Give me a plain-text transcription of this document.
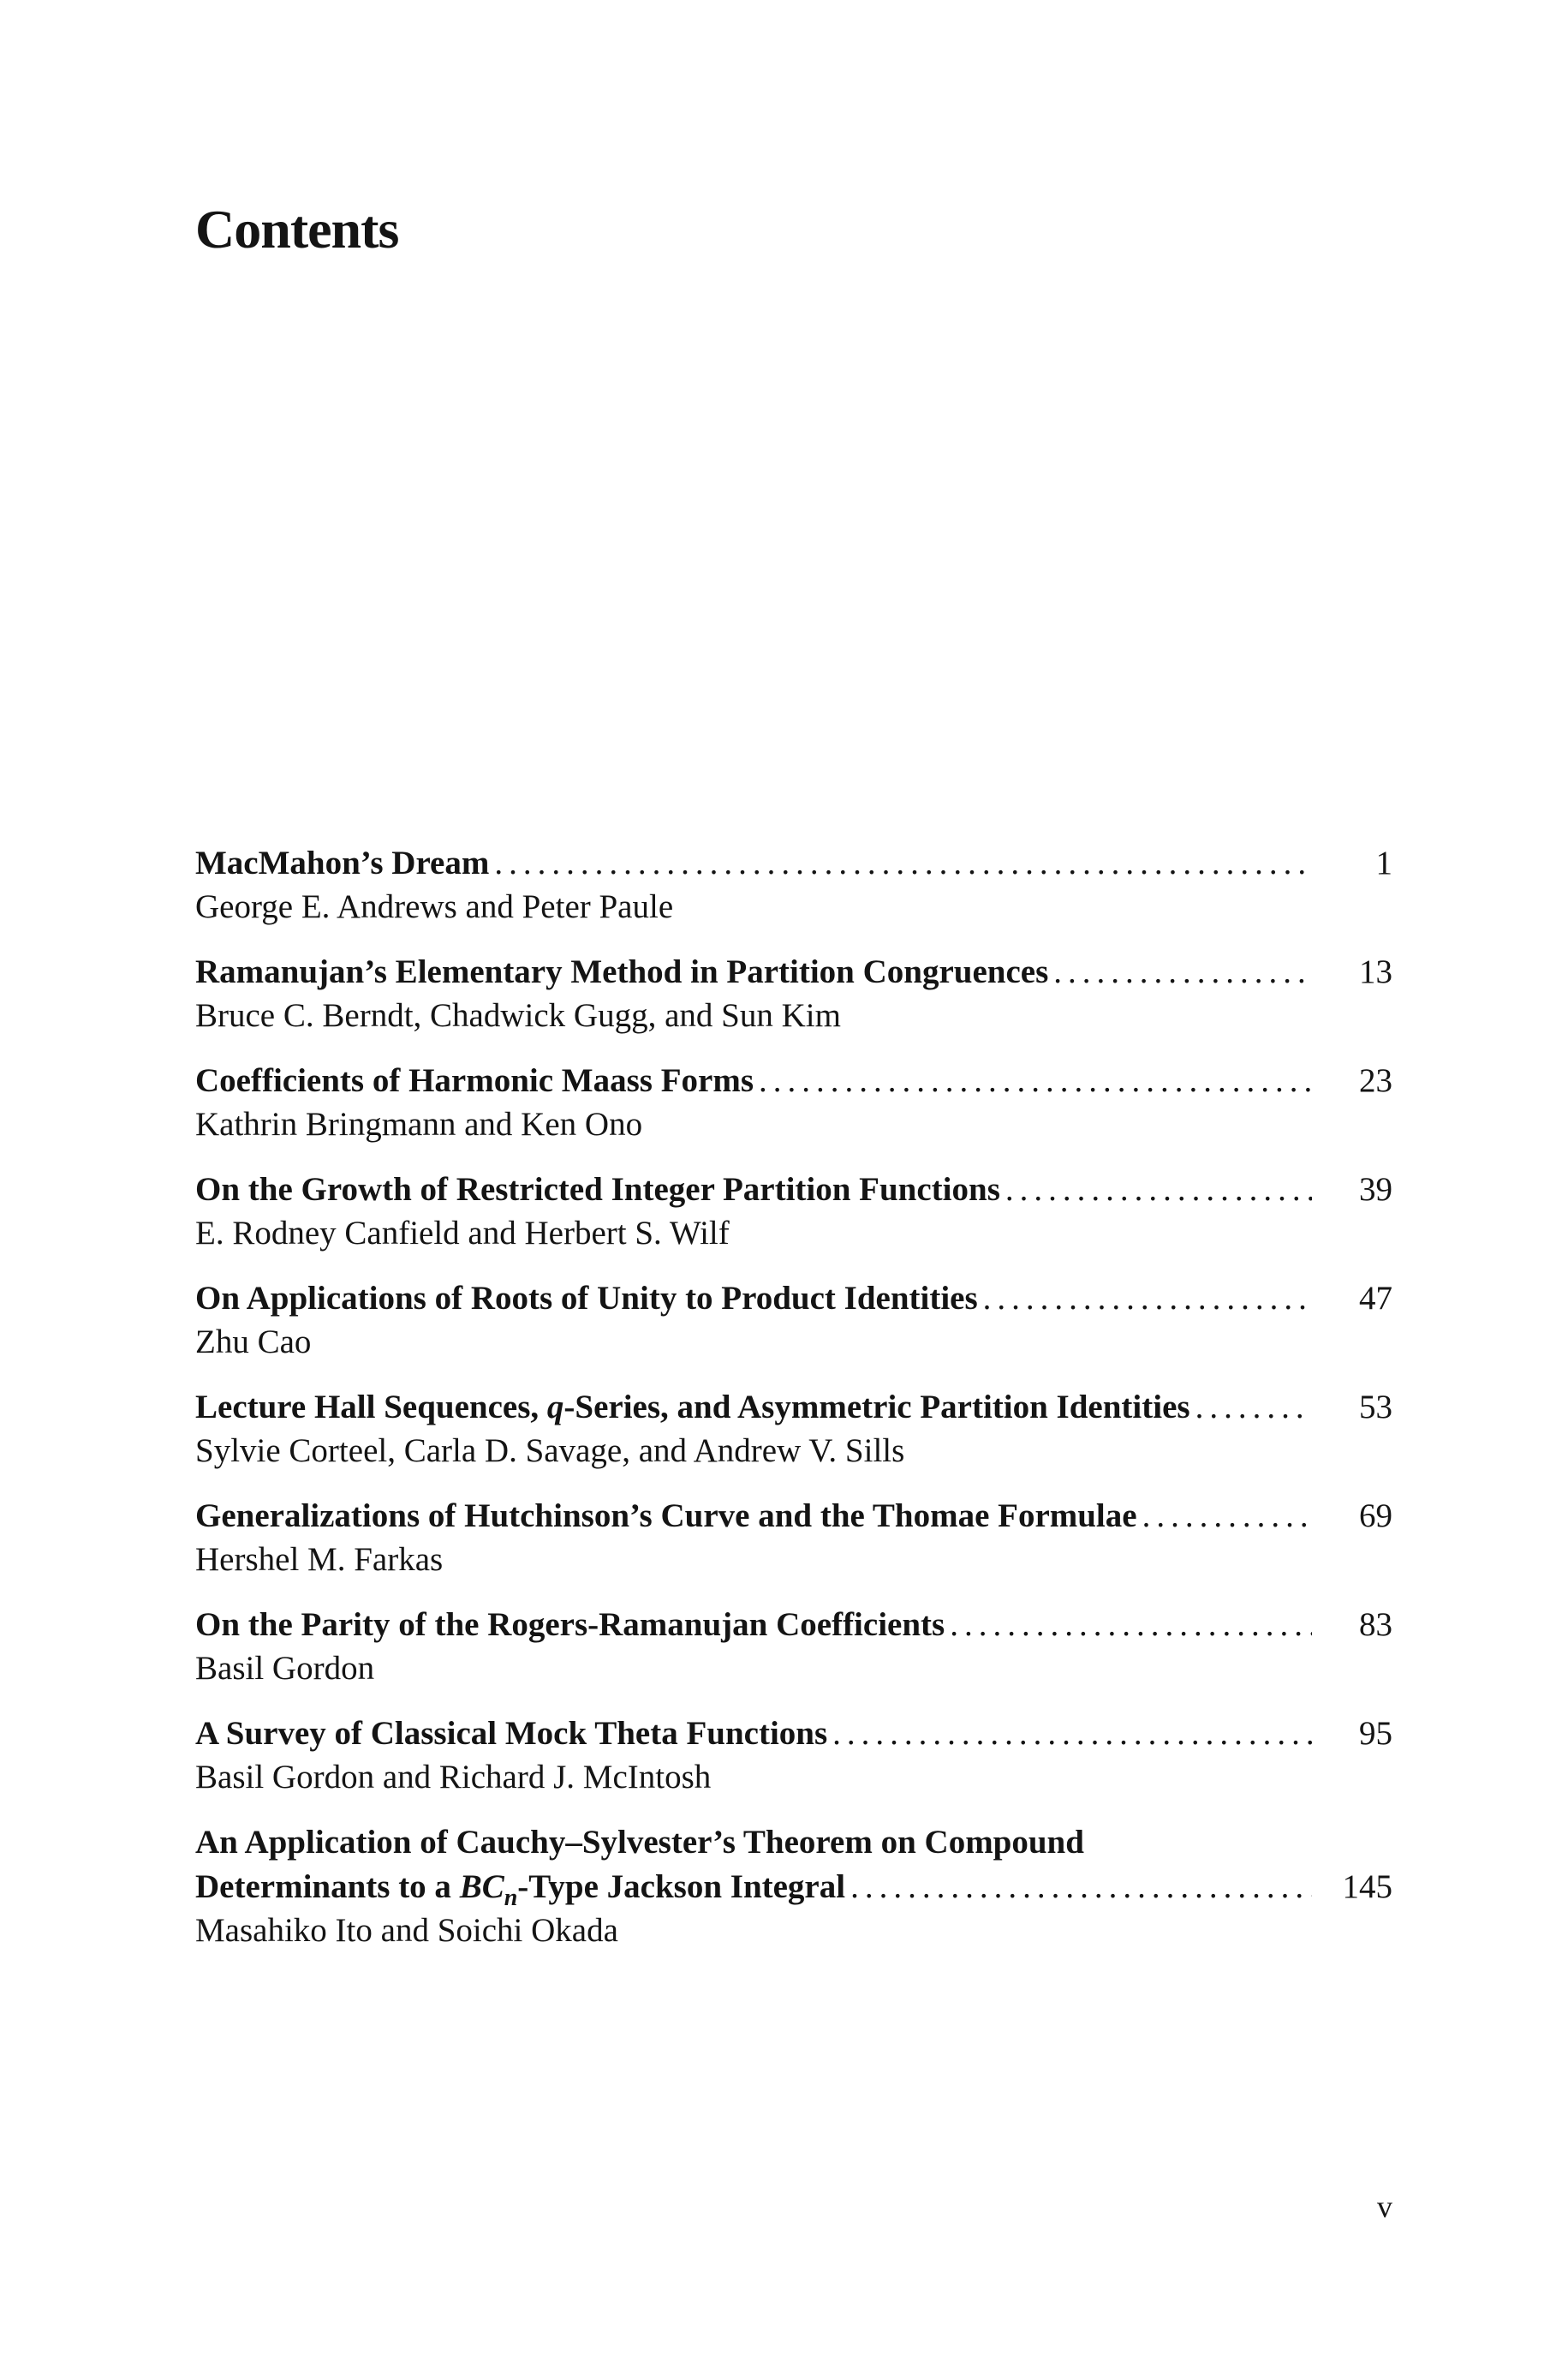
Contents
MacMahon’s Dream .....	1
George E. Andrews and Peter Paule
Ramanujan’s Elementary Method in Partition Congruences .....	13
Bruce C. Berndt, Chadwick Gugg, and Sun Kim
Coefficients of Harmonic Maass Forms .....	23
Kathrin Bringmann and Ken Ono
On the Growth of Restricted Integer Partition Functions .....	39
E. Rodney Canfield and Herbert S. Wilf
On Applications of Roots of Unity to Product Identities .....	47
Zhu Cao
Lecture Hall Sequences, q-Series, and Asymmetric Partition Identities .....	53
Sylvie Corteel, Carla D. Savage, and Andrew V. Sills
Generalizations of Hutchinson’s Curve and the Thomae Formulae .....	69
Hershel M. Farkas
On the Parity of the Rogers-Ramanujan Coefficients .....	83
Basil Gordon
A Survey of Classical Mock Theta Functions .....	95
Basil Gordon and Richard J. McIntosh
An Application of Cauchy–Sylvester’s Theorem on Compound
Determinants to a $BC_n$-Type Jackson Integral .....	145
Masahiko Ito and Soichi Okada
v
